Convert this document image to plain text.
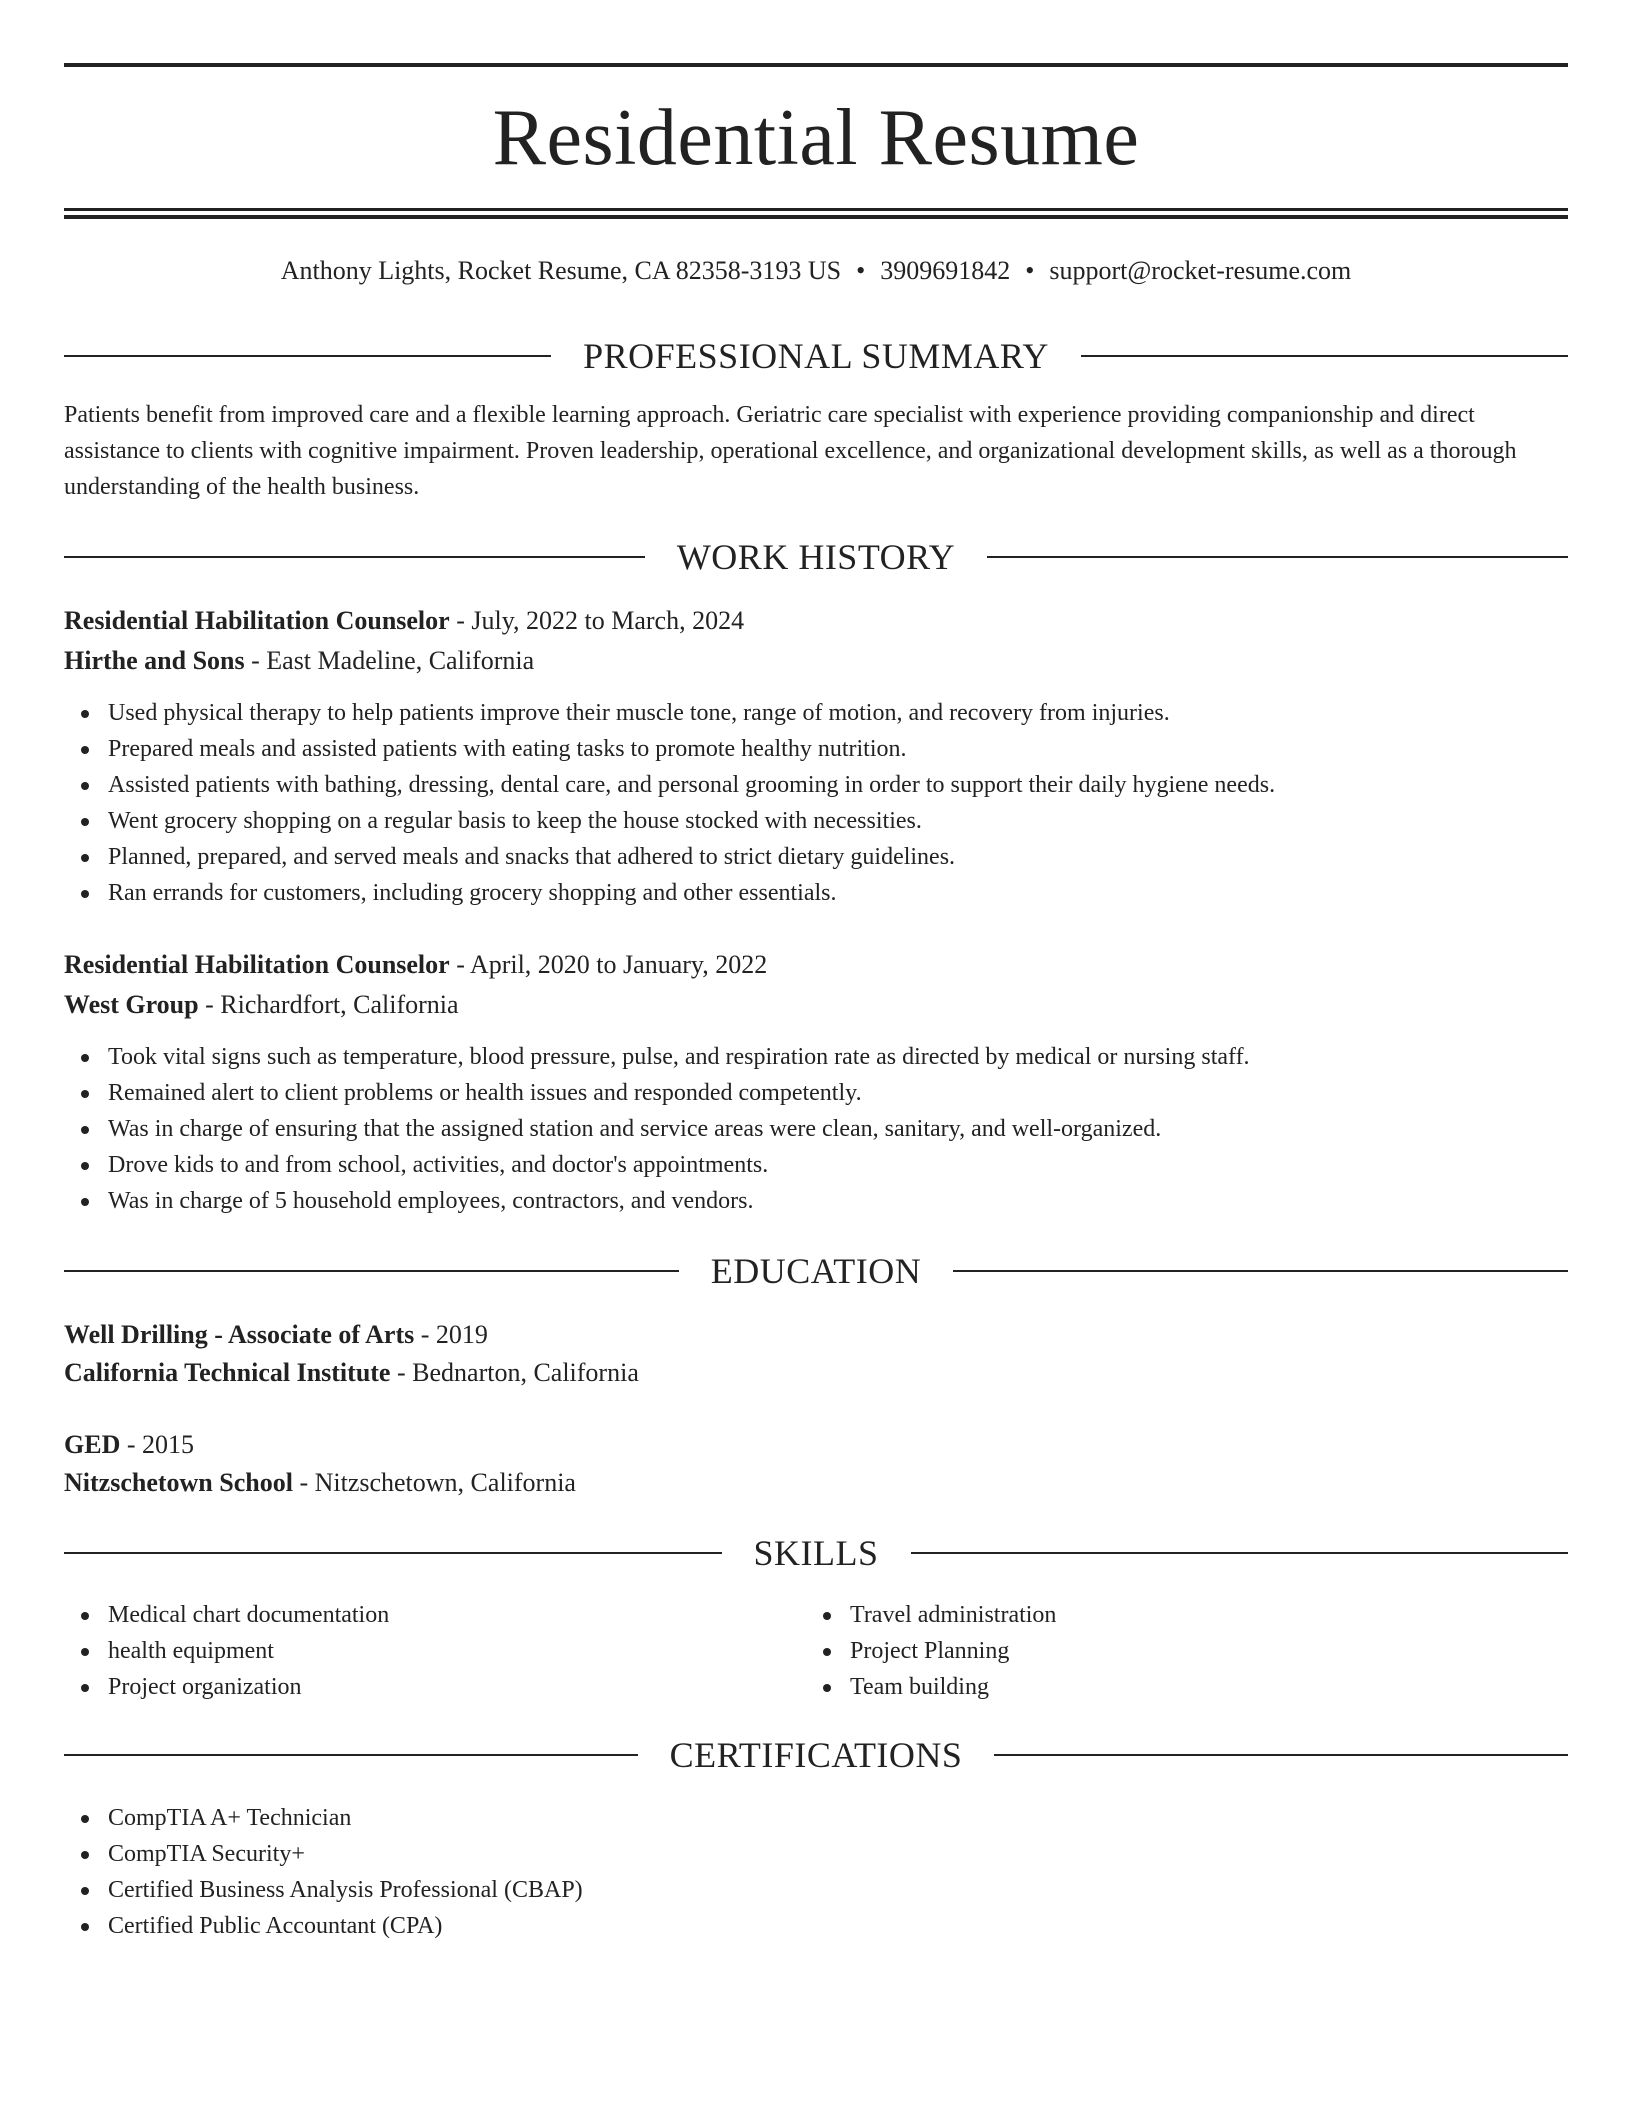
Residential Resume
Anthony Lights, Rocket Resume, CA 82358-3193 US • 3909691842 • support@rocket-resume.com
PROFESSIONAL SUMMARY
Patients benefit from improved care and a flexible learning approach. Geriatric care specialist with experience providing companionship and direct assistance to clients with cognitive impairment. Proven leadership, operational excellence, and organizational development skills, as well as a thorough understanding of the health business.
WORK HISTORY
Residential Habilitation Counselor - July, 2022 to March, 2024
Hirthe and Sons - East Madeline, California
Used physical therapy to help patients improve their muscle tone, range of motion, and recovery from injuries.
Prepared meals and assisted patients with eating tasks to promote healthy nutrition.
Assisted patients with bathing, dressing, dental care, and personal grooming in order to support their daily hygiene needs.
Went grocery shopping on a regular basis to keep the house stocked with necessities.
Planned, prepared, and served meals and snacks that adhered to strict dietary guidelines.
Ran errands for customers, including grocery shopping and other essentials.
Residential Habilitation Counselor - April, 2020 to January, 2022
West Group - Richardfort, California
Took vital signs such as temperature, blood pressure, pulse, and respiration rate as directed by medical or nursing staff.
Remained alert to client problems or health issues and responded competently.
Was in charge of ensuring that the assigned station and service areas were clean, sanitary, and well-organized.
Drove kids to and from school, activities, and doctor's appointments.
Was in charge of 5 household employees, contractors, and vendors.
EDUCATION
Well Drilling - Associate of Arts - 2019
California Technical Institute - Bednarton, California
GED - 2015
Nitzschetown School - Nitzschetown, California
SKILLS
Medical chart documentation
health equipment
Project organization
Travel administration
Project Planning
Team building
CERTIFICATIONS
CompTIA A+ Technician
CompTIA Security+
Certified Business Analysis Professional (CBAP)
Certified Public Accountant (CPA)
